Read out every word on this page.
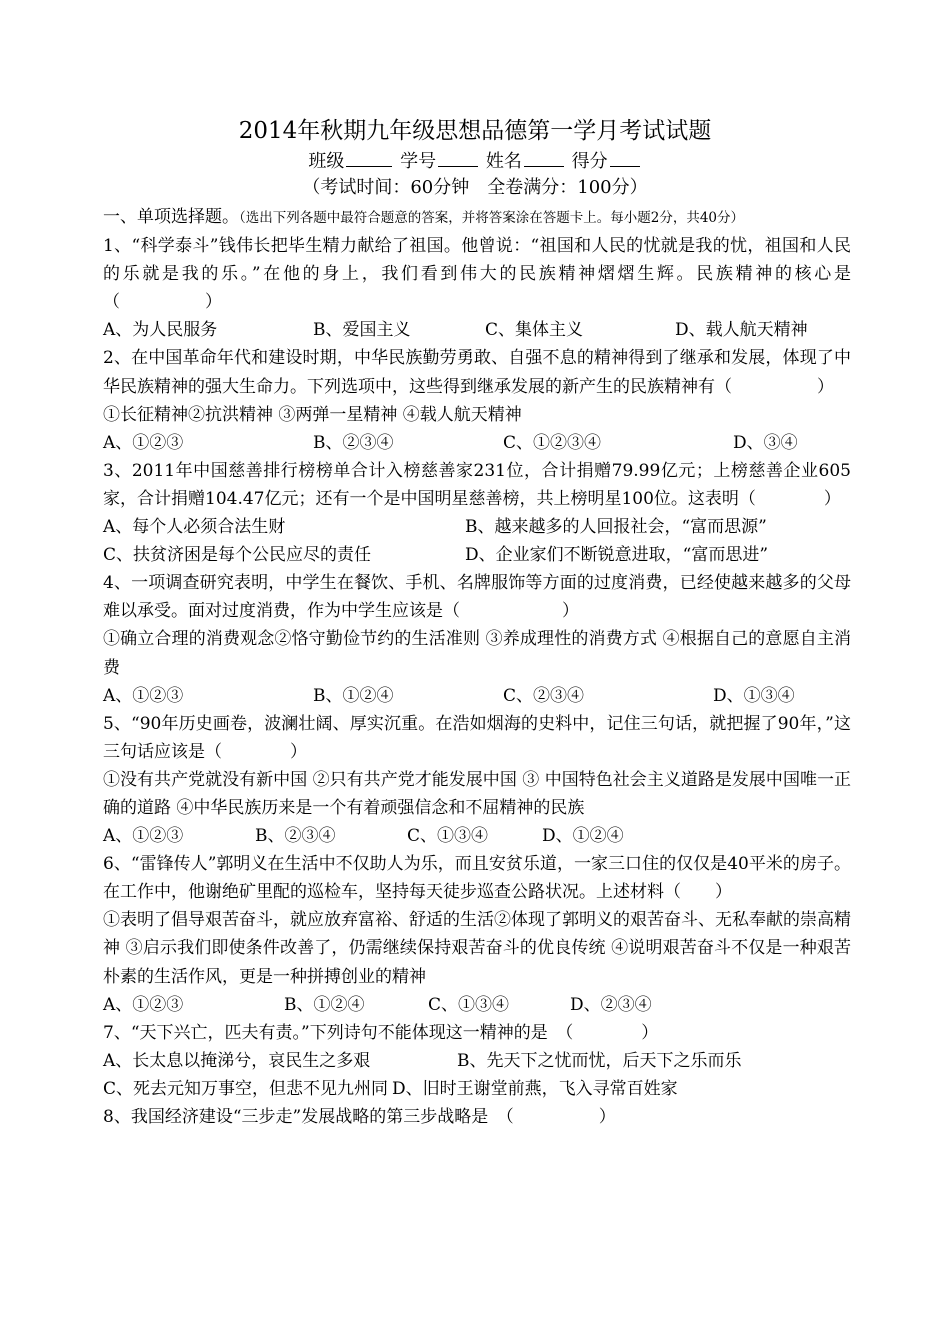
2014年秋期九年级思想品德第一学月考试试题
班级	学号	姓名	得分
（考试时间：60分钟　全卷满分：100分）
一、单项选择题。（选出下列各题中最符合题意的答案，并将答案涂在答题卡上。每小题2分，共40分）

1、“科学泰斗”钱伟长把毕生精力献给了祖国。他曾说：“祖国和人民的忧就是我的忧，祖国和人民的乐就是我的乐。”在他的身上，我们看到伟大的民族精神熠熠生辉。民族精神的核心是（　　　　　）

A、为人民服务	B、爱国主义	C、集体主义	D、载人航天精神

2、在中国革命年代和建设时期，中华民族勤劳勇敢、自强不息的精神得到了继承和发展，体现了中华民族精神的强大生命力。下列选项中，这些得到继承发展的新产生的民族精神有（　　　　　）

①长征精神②抗洪精神 ③两弹一星精神 ④载人航天精神

A、①②③	B、②③④	C、①②③④	D、③④

3、2011年中国慈善排行榜榜单合计入榜慈善家231位，合计捐赠79.99亿元；上榜慈善企业605家，合计捐赠104.47亿元；还有一个是中国明星慈善榜，共上榜明星100位。这表明（　　　　）

A、每个人必须合法生财	B、越来越多的人回报社会，“富而思源”
C、扶贫济困是每个公民应尽的责任	D、企业家们不断锐意进取，“富而思进”

4、一项调查研究表明，中学生在餐饮、手机、名牌服饰等方面的过度消费，已经使越来越多的父母难以承受。面对过度消费，作为中学生应该是（　　　　　　）

①确立合理的消费观念②恪守勤俭节约的生活准则 ③养成理性的消费方式 ④根据自己的意愿自主消费

A、①②③	B、①②④	C、②③④	D、①③④

5、“90年历史画卷，波澜壮阔、厚实沉重。在浩如烟海的史料中，记住三句话，就把握了90年，”这三句话应该是（　　　　）

①没有共产党就没有新中国 ②只有共产党才能发展中国 ③ 中国特色社会主义道路是发展中国唯一正确的道路 ④中华民族历来是一个有着顽强信念和不屈精神的民族

A、①②③	B、②③④	C、①③④	D、①②④

6、“雷锋传人”郭明义在生活中不仅助人为乐，而且安贫乐道，一家三口住的仅仅是40平米的房子。在工作中，他谢绝矿里配的巡检车，坚持每天徒步巡查公路状况。上述材料（　　）

①表明了倡导艰苦奋斗，就应放弃富裕、舒适的生活②体现了郭明义的艰苦奋斗、无私奉献的崇高精神 ③启示我们即使条件改善了，仍需继续保持艰苦奋斗的优良传统 ④说明艰苦奋斗不仅是一种艰苦朴素的生活作风，更是一种拼搏创业的精神

A、①②③	B、①②④	C、①③④	D、②③④

7、“天下兴亡，匹夫有责。”下列诗句不能体现这一精神的是　（　　　　）

A、长太息以掩涕兮，哀民生之多艰	B、先天下之忧而忧，后天下之乐而乐
C、死去元知万事空，但悲不见九州同 D、旧时王谢堂前燕，飞入寻常百姓家

8、我国经济建设“三步走”发展战略的第三步战略是　（　　　　　）
